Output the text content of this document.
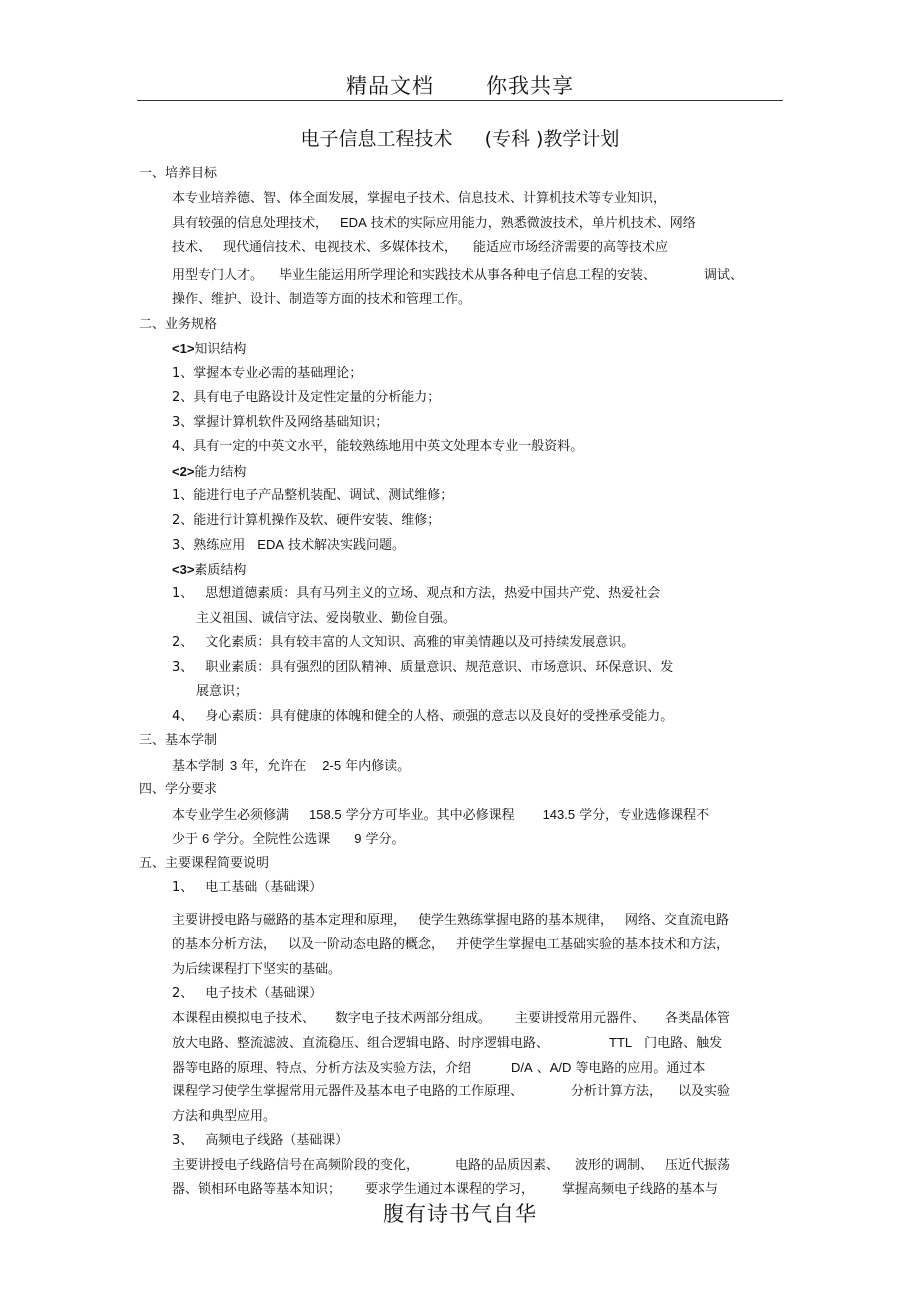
精品文档 你我共享
电子信息工程技术 (专科 )教学计划
一、培养目标
本专业培养德、智、体全面发展，掌握电子技术、信息技术、计算机技术等专业知识，
具有较强的信息处理技术， EDA 技术的实际应用能力，熟悉微波技术，单片机技术、网络
技术、 现代通信技术、电视技术、多媒体技术， 能适应市场经济需要的高等技术应
用型专门人才。 毕业生能运用所学理论和实践技术从事各种电子信息工程的安装、	调试、
操作、维护、设计、制造等方面的技术和管理工作。
二、业务规格
<1>知识结构
1、掌握本专业必需的基础理论；
2、具有电子电路设计及定性定量的分析能力；
3、掌握计算机软件及网络基础知识；
4、具有一定的中英文水平，能较熟练地用中英文处理本专业一般资料。
<2>能力结构
1、能进行电子产品整机装配、调试、测试维修；
2、能进行计算机操作及软、硬件安装、维修；
3、熟练应用 EDA 技术解决实践问题。
<3>素质结构
1、 思想道德素质：具有马列主义的立场、观点和方法，热爱中国共产党、热爱社会
主义祖国、诚信守法、爱岗敬业、勤俭自强。
2、 文化素质：具有较丰富的人文知识、高雅的审美情趣以及可持续发展意识。
3、 职业素质：具有强烈的团队精神、质量意识、规范意识、市场意识、环保意识、发
展意识；
4、 身心素质：具有健康的体魄和健全的人格、顽强的意志以及良好的受挫承受能力。
三、基本学制
基本学制 3 年，允许在 2-5 年内修读。
四、学分要求
本专业学生必须修满 158.5 学分方可毕业。其中必修课程 143.5 学分，专业选修课程不
少于 6 学分。全院性公选课 9 学分。
五、主要课程简要说明
1、 电工基础（基础课）
主要讲授电路与磁路的基本定理和原理， 使学生熟练掌握电路的基本规律， 网络、交直流电路
的基本分析方法， 以及一阶动态电路的概念， 并使学生掌握电工基础实验的基本技术和方法，
为后续课程打下坚实的基础。
2、 电子技术（基础课）
本课程由模拟电子技术、 数字电子技术两部分组成。 主要讲授常用元器件、 各类晶体管
放大电路、整流滤波、直流稳压、组合逻辑电路、时序逻辑电路、	TTL 门电路、触发
器等电路的原理、特点、分析方法及实验方法，介绍	D/A 、A/D 等电路的应用。通过本
课程学习使学生掌握常用元器件及基本电子电路的工作原理、	分析计算方法， 以及实验
方法和典型应用。
3、 高频电子线路（基础课）
主要讲授电子线路信号在高频阶段的变化，	电路的品质因素、 波形的调制、 压近代振荡
器、锁相环电路等基本知识； 要求学生通过本课程的学习， 掌握高频电子线路的基本与
腹有诗书气自华
